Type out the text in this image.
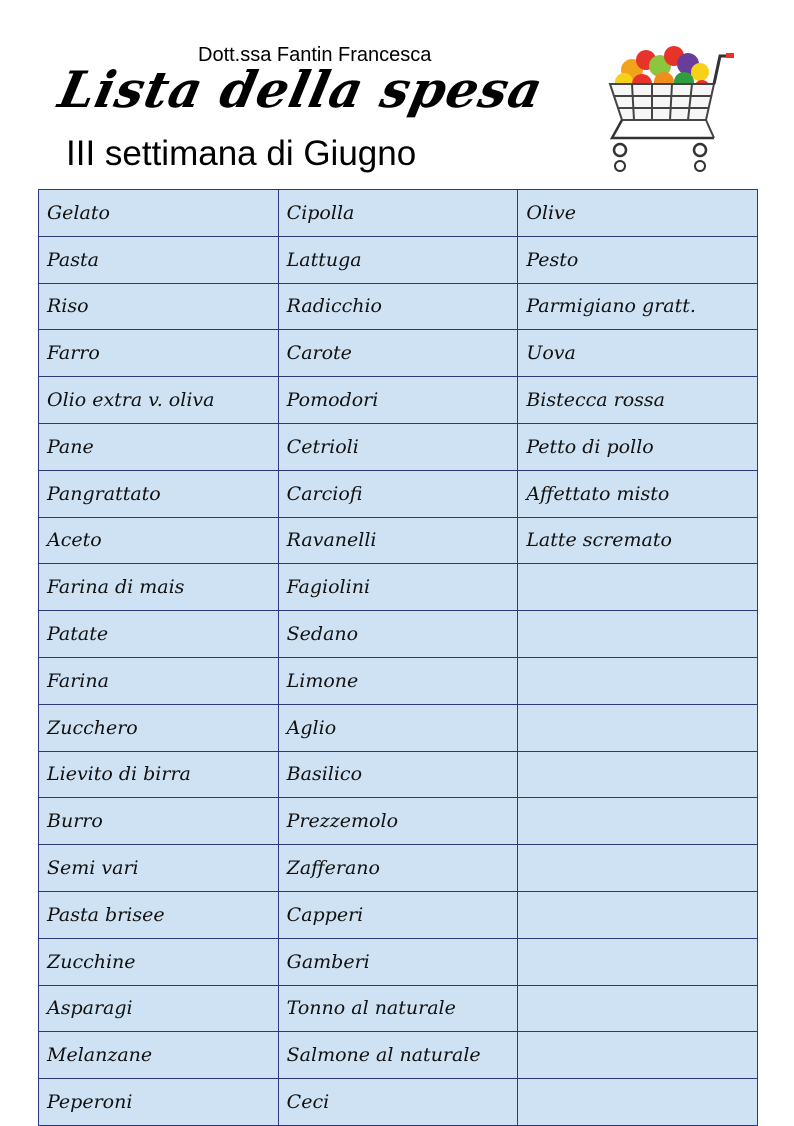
Dott.ssa Fantin Francesca
Lista della spesa
III settimana di Giugno
Gelato	Cipolla	Olive
Pasta	Lattuga	Pesto
Riso	Radicchio	Parmigiano gratt.
Farro	Carote	Uova
Olio extra v. oliva	Pomodori	Bistecca rossa
Pane	Cetrioli	Petto di pollo
Pangrattato	Carciofi	Affettato misto
Aceto	Ravanelli	Latte scremato
Farina di mais	Fagiolini	
Patate	Sedano	
Farina	Limone	
Zucchero	Aglio	
Lievito di birra	Basilico	
Burro	Prezzemolo	
Semi vari	Zafferano	
Pasta brisee	Capperi	
Zucchine	Gamberi	
Asparagi	Tonno al naturale	
Melanzane	Salmone al naturale	
Peperoni	Ceci	
